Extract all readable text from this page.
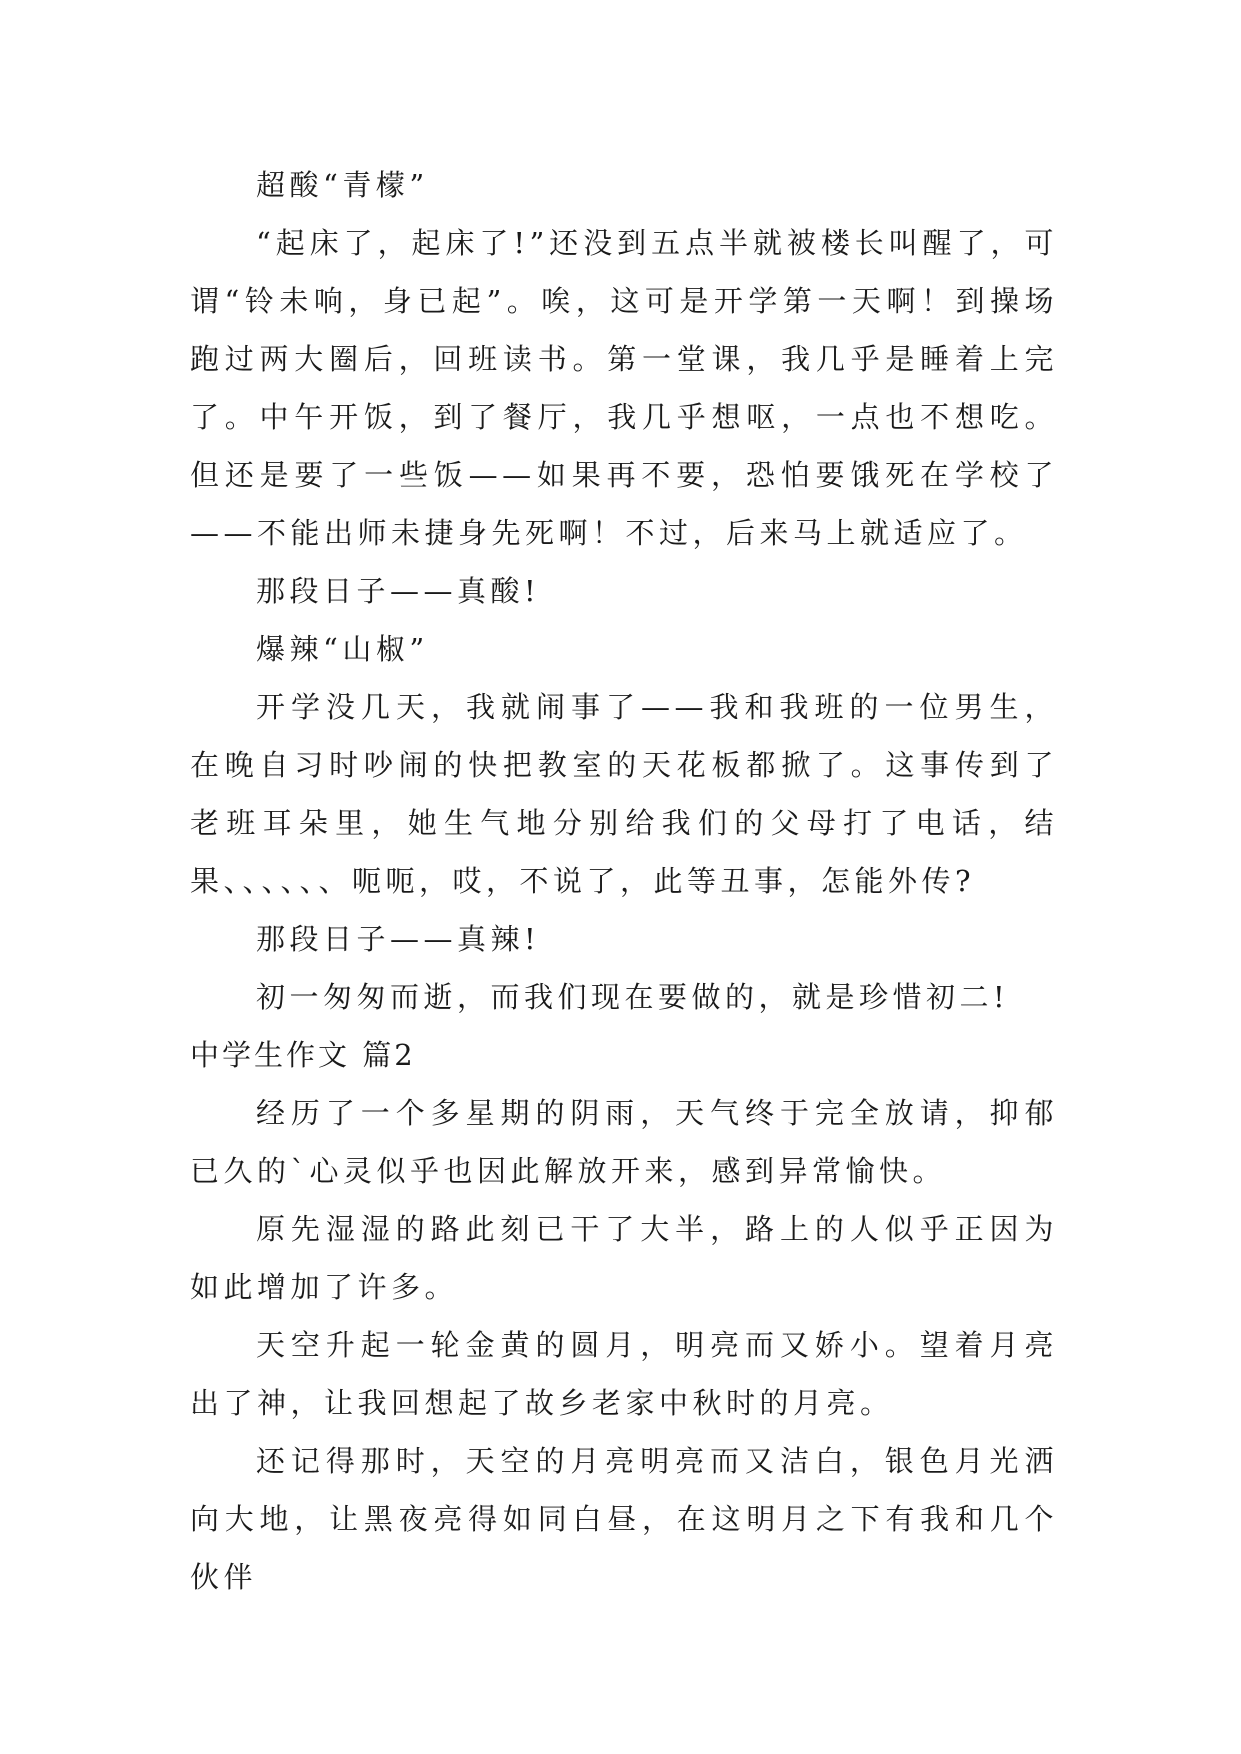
超酸“青檬”

“起床了，起床了!”还没到五点半就被楼长叫醒了，可谓“铃未响，身已起”。唉，这可是开学第一天啊！到操场跑过两大圈后，回班读书。第一堂课，我几乎是睡着上完了。中午开饭，到了餐厅，我几乎想呕，一点也不想吃。但还是要了一些饭——如果再不要，恐怕要饿死在学校了——不能出师未捷身先死啊！不过，后来马上就适应了。

那段日子——真酸!

爆辣“山椒”

开学没几天，我就闹事了——我和我班的一位男生，在晚自习时吵闹的快把教室的天花板都掀了。这事传到了老班耳朵里，她生气地分别给我们的父母打了电话，结果、、、、、、呃呃，哎，不说了，此等丑事，怎能外传?

那段日子——真辣!

初一匆匆而逝，而我们现在要做的，就是珍惜初二!

中学生作文 篇2

经历了一个多星期的阴雨，天气终于完全放请，抑郁已久的`心灵似乎也因此解放开来，感到异常愉快。

原先湿湿的路此刻已干了大半，路上的人似乎正因为如此增加了许多。

天空升起一轮金黄的圆月，明亮而又娇小。望着月亮出了神，让我回想起了故乡老家中秋时的月亮。

还记得那时，天空的月亮明亮而又洁白，银色月光洒向大地，让黑夜亮得如同白昼，在这明月之下有我和几个伙伴
